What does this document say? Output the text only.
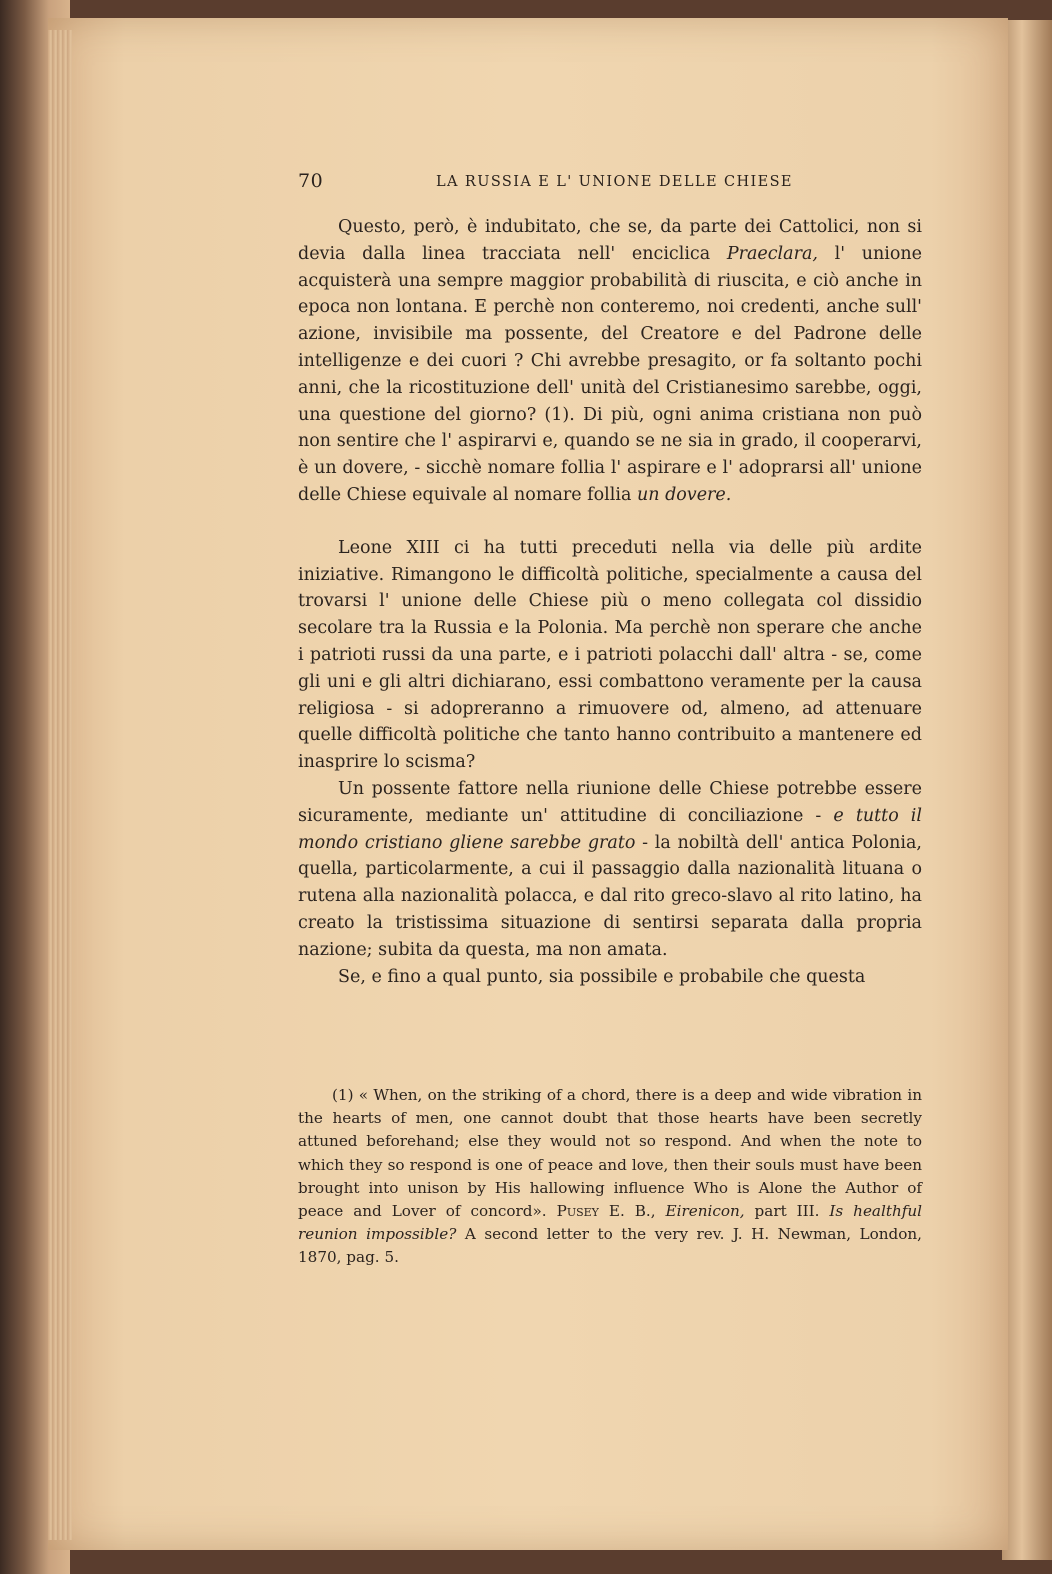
70	LA RUSSIA E L' UNIONE DELLE CHIESE

Questo, però, è indubitato, che se, da parte dei Cattolici, non si devia dalla linea tracciata nell' enciclica Praeclara, l' unione acquisterà una sempre maggior probabilità di riuscita, e ciò anche in epoca non lontana. E perchè non conteremo, noi credenti, anche sull' azione, invisibile ma possente, del Creatore e del Padrone delle intelligenze e dei cuori ? Chi avrebbe presagito, or fa soltanto pochi anni, che la ricostituzione dell' unità del Cristianesimo sarebbe, oggi, una questione del giorno? (1). Di più, ogni anima cristiana non può non sentire che l' aspirarvi e, quando se ne sia in grado, il cooperarvi, è un dovere, - sicchè nomare follia l' aspirare e l' adoprarsi all' unione delle Chiese equivale al nomare follia un dovere.

Leone XIII ci ha tutti preceduti nella via delle più ardite iniziative. Rimangono le difficoltà politiche, specialmente a causa del trovarsi l' unione delle Chiese più o meno collegata col dissidio secolare tra la Russia e la Polonia. Ma perchè non sperare che anche i patrioti russi da una parte, e i patrioti polacchi dall' altra - se, come gli uni e gli altri dichiarano, essi combattono veramente per la causa religiosa - si adopreranno a rimuovere od, almeno, ad attenuare quelle difficoltà politiche che tanto hanno contribuito a mantenere ed inasprire lo scisma?

Un possente fattore nella riunione delle Chiese potrebbe essere sicuramente, mediante un' attitudine di conciliazione - e tutto il mondo cristiano gliene sarebbe grato - la nobiltà dell' antica Polonia, quella, particolarmente, a cui il passaggio dalla nazionalità lituana o rutena alla nazionalità polacca, e dal rito greco-slavo al rito latino, ha creato la tristissima situazione di sentirsi separata dalla propria nazione; subita da questa, ma non amata.

Se, e fino a qual punto, sia possibile e probabile che questa

(1) « When, on the striking of a chord, there is a deep and wide vibration in the hearts of men, one cannot doubt that those hearts have been secretly attuned beforehand; else they would not so respond. And when the note to which they so respond is one of peace and love, then their souls must have been brought into unison by His hallowing influence Who is Alone the Author of peace and Lover of concord». Pusey E. B., Eirenicon, part III. Is healthful reunion impossible? A second letter to the very rev. J. H. Newman, London, 1870, pag. 5.
